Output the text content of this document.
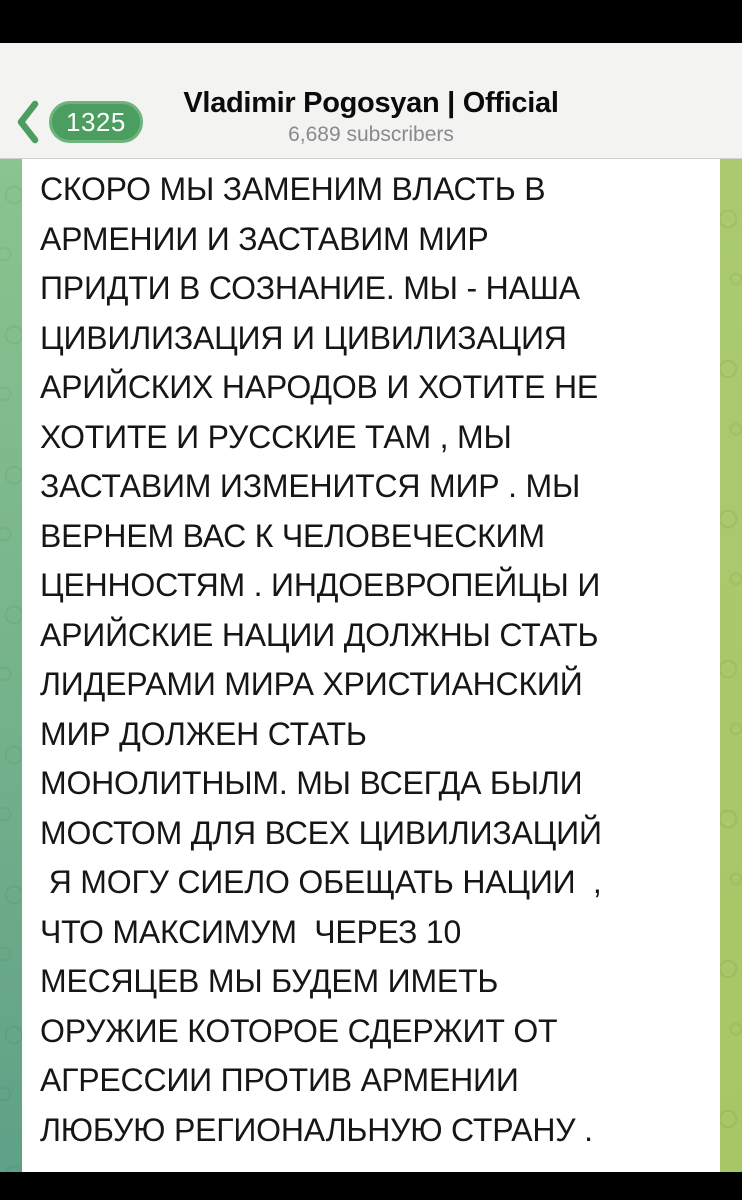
1325
Vladimir Pogosyan | Official
6,689 subscribers
СКОРО МЫ ЗАМЕНИМ ВЛАСТЬ В
АРМЕНИИ И ЗАСТАВИМ МИР
ПРИДТИ В СОЗНАНИЕ. МЫ - НАША
ЦИВИЛИЗАЦИЯ И ЦИВИЛИЗАЦИЯ
АРИЙСКИХ НАРОДОВ И ХОТИТЕ НЕ
ХОТИТЕ И РУССКИЕ ТАМ , МЫ
ЗАСТАВИМ ИЗМЕНИТСЯ МИР . МЫ
ВЕРНЕМ ВАС К ЧЕЛОВЕЧЕСКИМ
ЦЕННОСТЯМ . ИНДОЕВРОПЕЙЦЫ И
АРИЙСКИЕ НАЦИИ ДОЛЖНЫ СТАТЬ
ЛИДЕРАМИ МИРА ХРИСТИАНСКИЙ
МИР ДОЛЖЕН СТАТЬ
МОНОЛИТНЫМ. МЫ ВСЕГДА БЫЛИ
МОСТОМ ДЛЯ ВСЕХ ЦИВИЛИЗАЦИЙ
Я МОГУ СИЕЛО ОБЕЩАТЬ НАЦИИ  ,
ЧТО МАКСИМУМ  ЧЕРЕЗ 10
МЕСЯЦЕВ МЫ БУДЕМ ИМЕТЬ
ОРУЖИЕ КОТОРОЕ СДЕРЖИТ ОТ
АГРЕССИИ ПРОТИВ АРМЕНИИ
ЛЮБУЮ РЕГИОНАЛЬНУЮ СТРАНУ .
